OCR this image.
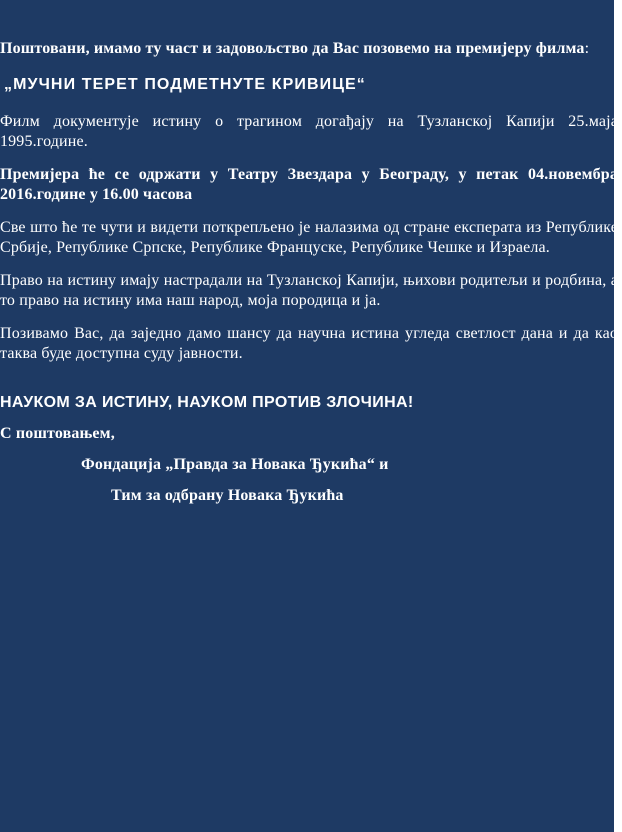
Поштовани, имамо ту част и задовољство да Вас позовемо на премијеру филма:

„МУЧНИ ТЕРЕТ ПОДМЕТНУТЕ КРИВИЦЕ“

Филм документује истину о трагином догађају на Тузланској Капији 25.маја 1995.године.

Премијера ће се одржати у Театру Звездара у Београду, у петак 04.новембра 2016.године у 16.00 часова

Све што ће те чути и видети поткрепљено је налазима од стране експерата из Републике Србије, Републике Српске, Републике Француске, Републике Чешке и Израела.

Право на истину имају настрадали на Тузланској Капији, њихови родитељи и родбина, а то право на истину има наш народ, моја породица и ја.

Позивамо Вас, да заједно дамо шансу да научна истина угледа светлост дана и да као таква буде доступна суду јавности.

НАУКОМ ЗА ИСТИНУ, НАУКОМ ПРОТИВ ЗЛОЧИНА!

С поштовањем,

Фондација „Правда за Новака Ђукића“ и

Тим за одбрану Новака Ђукића
